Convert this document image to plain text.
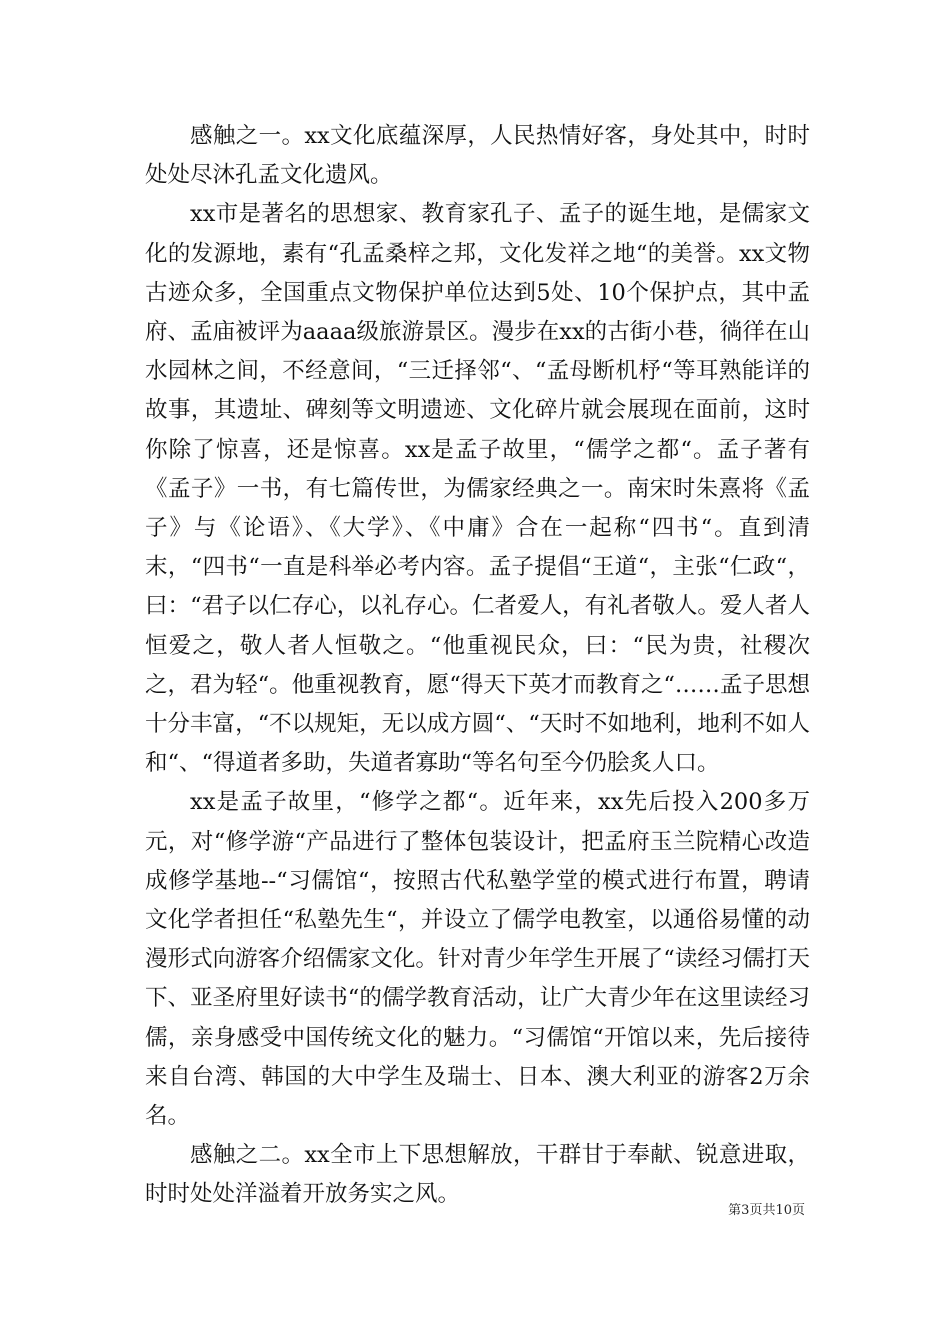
感触之一。xx文化底蕴深厚，人民热情好客，身处其中，时时处处尽沐孔孟文化遗风。

xx市是著名的思想家、教育家孔子、孟子的诞生地，是儒家文化的发源地，素有“孔孟桑梓之邦，文化发祥之地“的美誉。xx文物古迹众多，全国重点文物保护单位达到5处、10个保护点，其中孟府、孟庙被评为aaaa级旅游景区。漫步在xx的古街小巷，徜徉在山水园林之间，不经意间，“三迁择邻“、“孟母断机杼“等耳熟能详的故事，其遗址、碑刻等文明遗迹、文化碎片就会展现在面前，这时你除了惊喜，还是惊喜。xx是孟子故里，“儒学之都“。孟子著有《孟子》一书，有七篇传世，为儒家经典之一。南宋时朱熹将《孟子》与《论语》、《大学》、《中庸》合在一起称“四书“。直到清末，“四书“一直是科举必考内容。孟子提倡“王道“，主张“仁政“，曰：“君子以仁存心，以礼存心。仁者爱人，有礼者敬人。爱人者人恒爱之，敬人者人恒敬之。“他重视民众，曰：“民为贵，社稷次之，君为轻“。他重视教育，愿“得天下英才而教育之“……孟子思想十分丰富，“不以规矩，无以成方圆“、“天时不如地利，地利不如人和“、“得道者多助，失道者寡助“等名句至今仍脍炙人口。

xx是孟子故里，“修学之都“。近年来，xx先后投入200多万元，对“修学游“产品进行了整体包装设计，把孟府玉兰院精心改造成修学基地--“习儒馆“，按照古代私塾学堂的模式进行布置，聘请文化学者担任“私塾先生“，并设立了儒学电教室，以通俗易懂的动漫形式向游客介绍儒家文化。针对青少年学生开展了“读经习儒打天下、亚圣府里好读书“的儒学教育活动，让广大青少年在这里读经习儒，亲身感受中国传统文化的魅力。“习儒馆“开馆以来，先后接待来自台湾、韩国的大中学生及瑞士、日本、澳大利亚的游客2万余名。

感触之二。xx全市上下思想解放，干群甘于奉献、锐意进取，时时处处洋溢着开放务实之风。

第3页共10页
